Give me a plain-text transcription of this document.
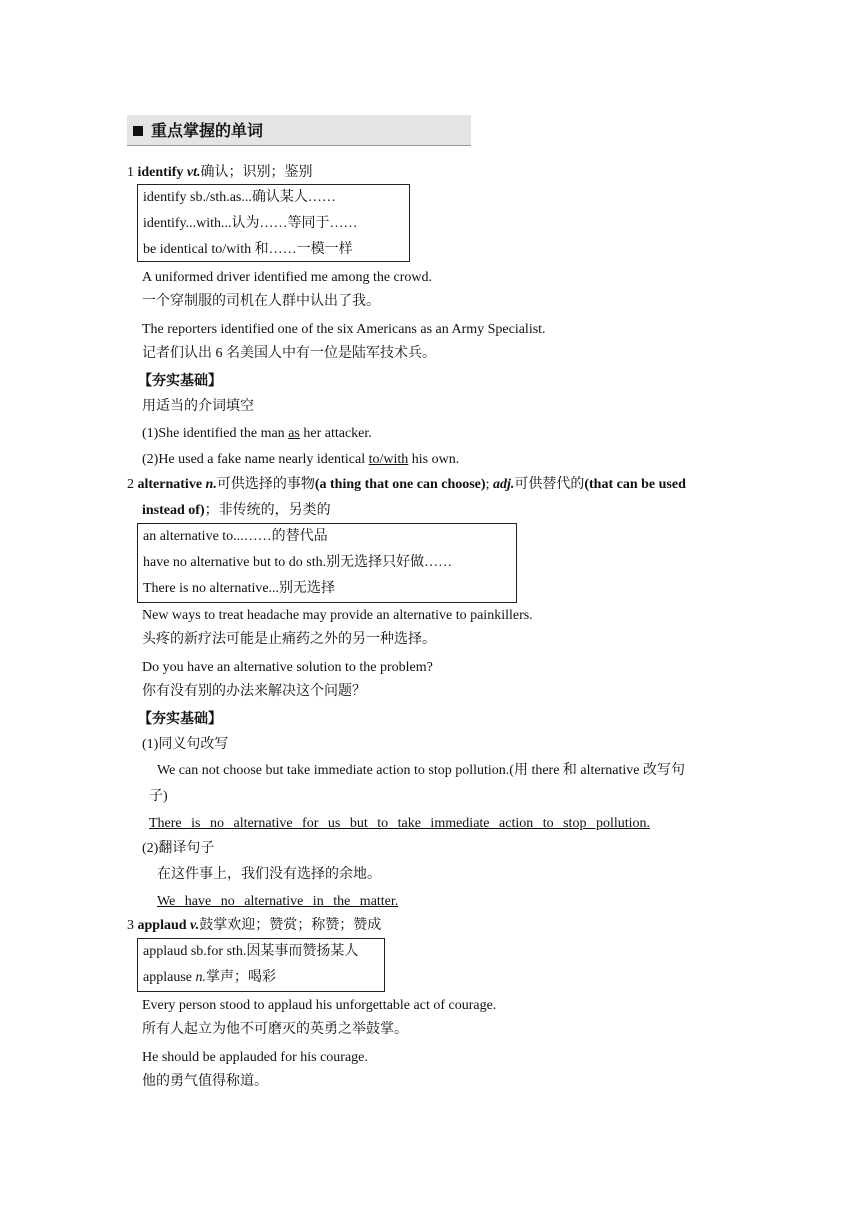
重点掌握的单词
1 identify vt.确认；识别；鉴别
identify sb./sth.as...确认某人……
identify...with...认为……等同于……
be identical to/with 和……一模一样
A uniformed driver identified me among the crowd.
一个穿制服的司机在人群中认出了我。
The reporters identified one of the six Americans as an Army Specialist.
记者们认出 6 名美国人中有一位是陆军技术兵。
【夯实基础】
用适当的介词填空
(1)She identified the man as her attacker.
(2)He used a fake name nearly identical to/with his own.
2 alternative n.可供选择的事物(a thing that one can choose); adj.可供替代的(that can be used
instead of)；非传统的，另类的
an alternative to...……的替代品
have no alternative but to do sth.别无选择只好做……
There is no alternative...别无选择
New ways to treat headache may provide an alternative to painkillers.
头疼的新疗法可能是止痛药之外的另一种选择。
Do you have an alternative solution to the problem?
你有没有别的办法来解决这个问题？
【夯实基础】
(1)同义句改写
We can not choose but take immediate action to stop pollution.(用 there 和 alternative 改写句
子)
There is no alternative for us but to take immediate action to stop pollution.
(2)翻译句子
在这件事上，我们没有选择的余地。
We have no alternative in the matter.
3 applaud v.鼓掌欢迎；赞赏；称赞；赞成
applaud sb.for sth.因某事而赞扬某人
applause n.掌声；喝彩
Every person stood to applaud his unforgettable act of courage.
所有人起立为他不可磨灭的英勇之举鼓掌。
He should be applauded for his courage.
他的勇气值得称道。
